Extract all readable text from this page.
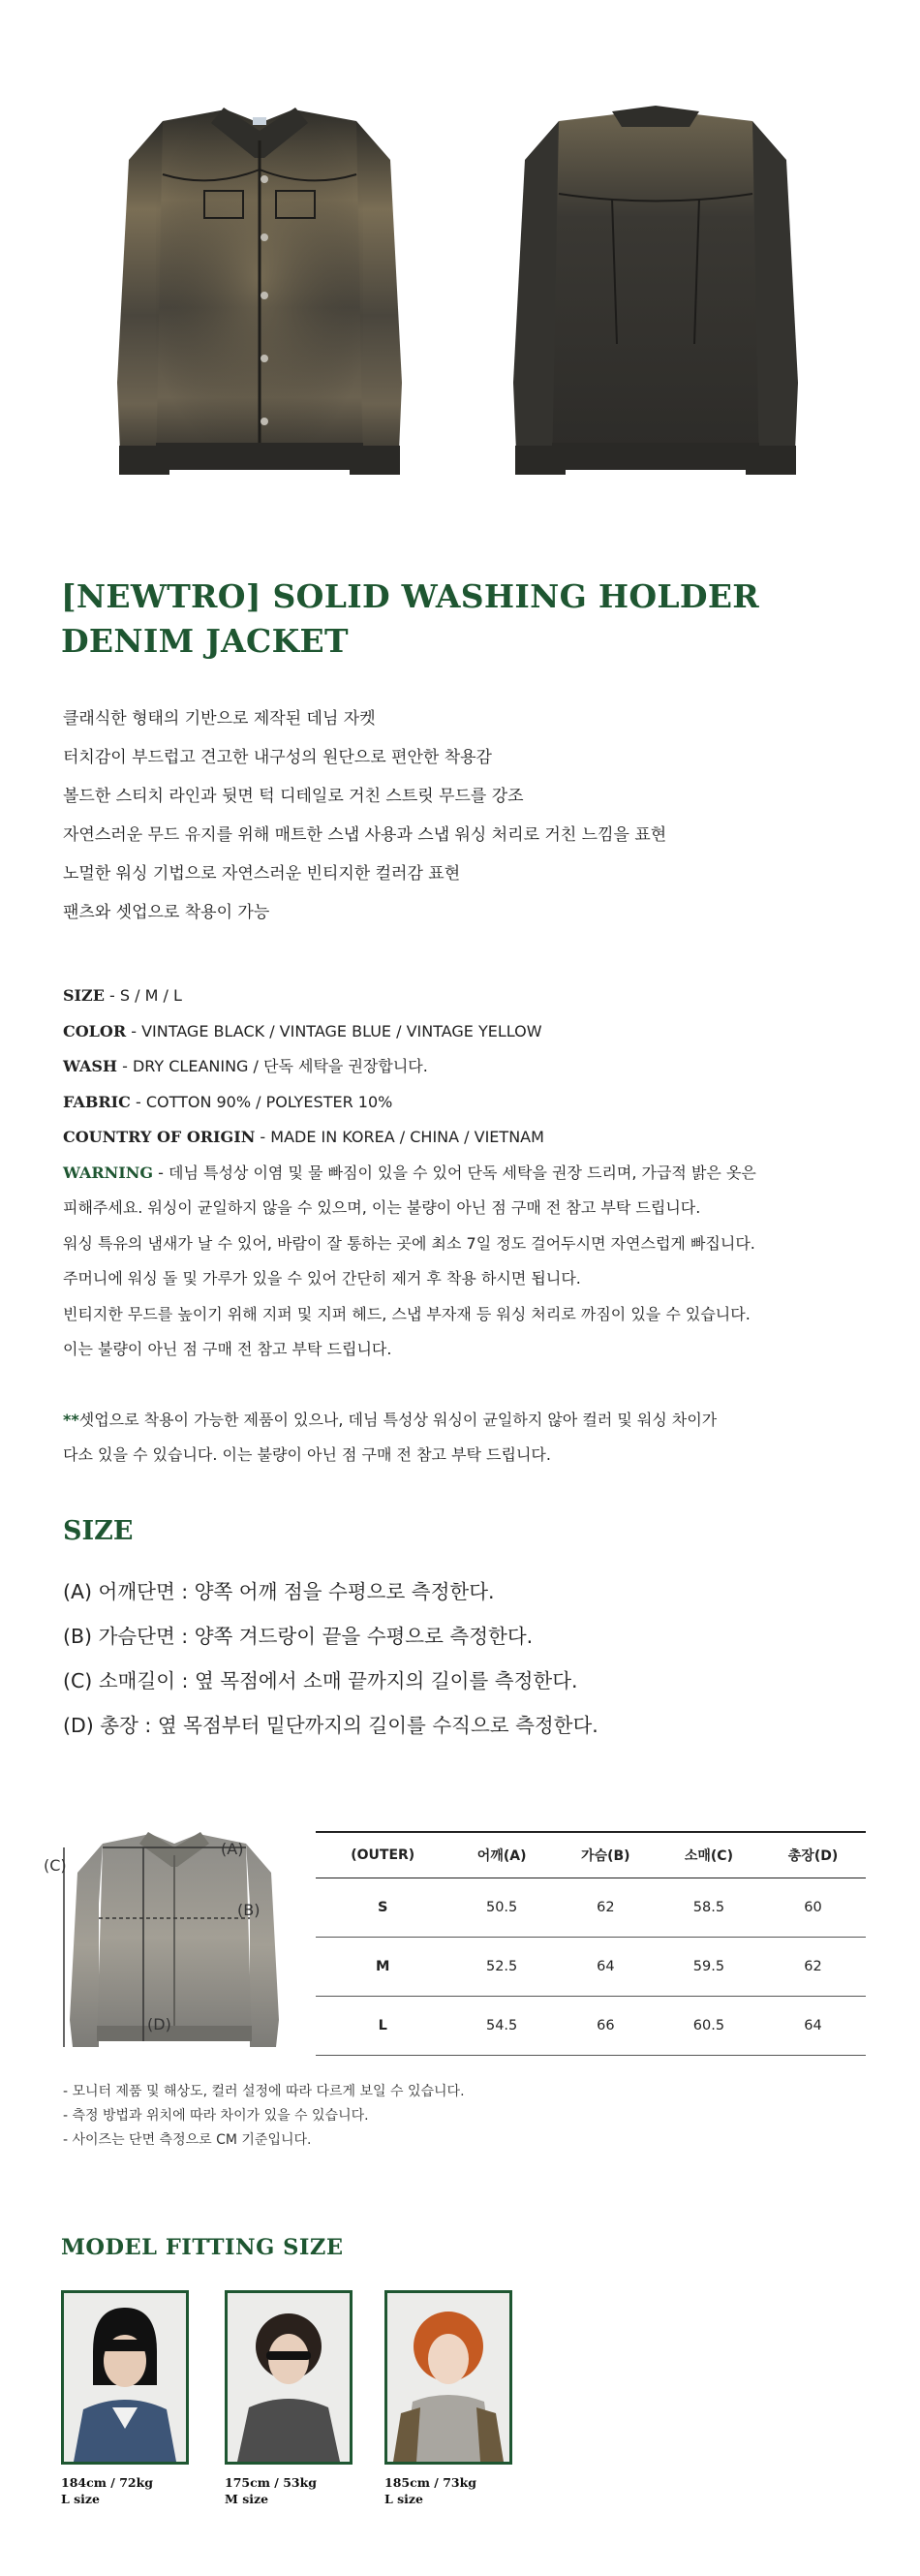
[NEWTRO] SOLID WASHING HOLDER
DENIM JACKET
클래식한 형태의 기반으로 제작된 데님 자켓
터치감이 부드럽고 견고한 내구성의 원단으로 편안한 착용감
볼드한 스티치 라인과 뒷면 턱 디테일로 거친 스트릿 무드를 강조
자연스러운 무드 유지를 위해 매트한 스냅 사용과 스냅 워싱 처리로 거친 느낌을 표현
노멀한 워싱 기법으로 자연스러운 빈티지한 컬러감 표현
팬츠와 셋업으로 착용이 가능
SIZE - S / M / L
COLOR - VINTAGE BLACK / VINTAGE BLUE / VINTAGE YELLOW
WASH - DRY CLEANING / 단독 세탁을 권장합니다.
FABRIC - COTTON 90% / POLYESTER 10%
COUNTRY OF ORIGIN - MADE IN KOREA / CHINA / VIETNAM
WARNING - 데님 특성상 이염 및 물 빠짐이 있을 수 있어 단독 세탁을 권장 드리며, 가급적 밝은 옷은
피해주세요. 워싱이 균일하지 않을 수 있으며, 이는 불량이 아닌 점 구매 전 참고 부탁 드립니다.
워싱 특유의 냄새가 날 수 있어, 바람이 잘 통하는 곳에 최소 7일 정도 걸어두시면 자연스럽게 빠집니다.
주머니에 워싱 돌 및 가루가 있을 수 있어 간단히 제거 후 착용 하시면 됩니다.
빈티지한 무드를 높이기 위해 지퍼 및 지퍼 헤드, 스냅 부자재 등 워싱 처리로 까짐이 있을 수 있습니다.
이는 불량이 아닌 점 구매 전 참고 부탁 드립니다.
**셋업으로 착용이 가능한 제품이 있으나, 데님 특성상 워싱이 균일하지 않아 컬러 및 워싱 차이가
다소 있을 수 있습니다. 이는 불량이 아닌 점 구매 전 참고 부탁 드립니다.
SIZE
(A) 어깨단면 : 양쪽 어깨 점을 수평으로 측정한다.
(B) 가슴단면 : 양쪽 겨드랑이 끝을 수평으로 측정한다.
(C) 소매길이 : 옆 목점에서 소매 끝까지의 길이를 측정한다.
(D) 총장 : 옆 목점부터 밑단까지의 길이를 수직으로 측정한다.
(A)
(B)
(C)
(D)
(OUTER)	어깨(A)	가슴(B)	소매(C)	총장(D)
S	50.5	62	58.5	60
M	52.5	64	59.5	62
L	54.5	66	60.5	64
- 모니터 제품 및 해상도, 컬러 설정에 따라 다르게 보일 수 있습니다.
- 측정 방법과 위치에 따라 차이가 있을 수 있습니다.
- 사이즈는 단면 측정으로 CM 기준입니다.
MODEL FITTING SIZE
184cm / 72kg
L size
175cm / 53kg
M size
185cm / 73kg
L size
